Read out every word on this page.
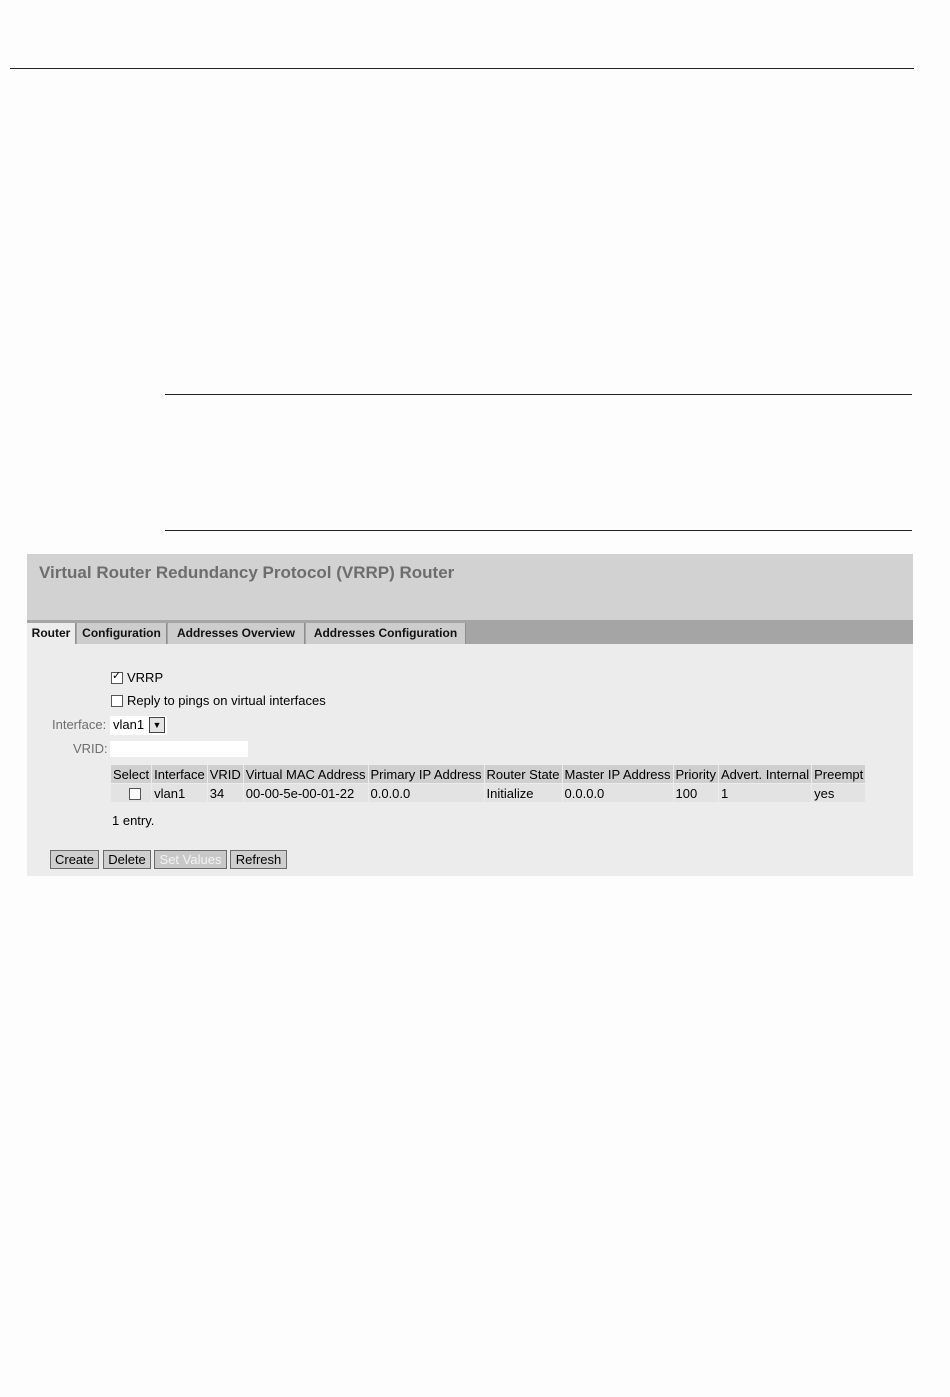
Virtual Router Redundancy Protocol (VRRP) Router
Router Configuration	Addresses Overview	Addresses Configuration
✓ VRRP
Reply to pings on virtual interfaces
Interface: vlan1 ▼
VRID:
Select	Interface	VRID	Virtual MAC Address	Primary IP Address	Router State	Master IP Address	Priority	Advert. Internal	Preempt
	vlan1	34	00-00-5e-00-01-22	0.0.0.0	Initialize	0.0.0.0	100	1	yes
1 entry.
Create	Delete	Set Values	Refresh
